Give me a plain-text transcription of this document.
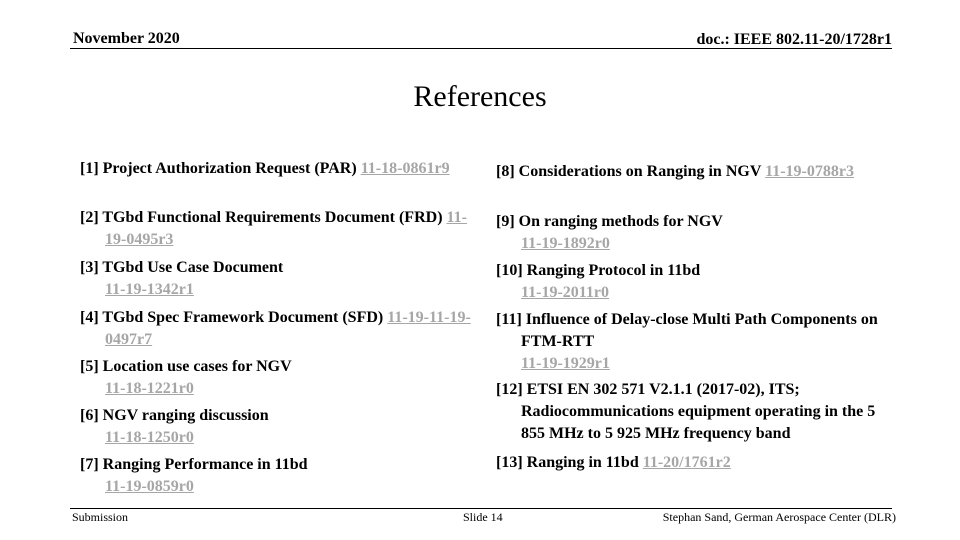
November 2020	doc.: IEEE 802.11-20/1728r1
References
[1] Project Authorization Request (PAR) 11-18-0861r9
[2] TGbd Functional Requirements Document (FRD) 11-19-0495r3
[3] TGbd Use Case Document
11-19-1342r1
[4] TGbd Spec Framework Document (SFD) 11-19-11-19-0497r7
[5] Location use cases for NGV
11-18-1221r0
[6] NGV ranging discussion
11-18-1250r0
[7] Ranging Performance in 11bd
11-19-0859r0
[8] Considerations on Ranging in NGV 11-19-0788r3
[9] On ranging methods for NGV
11-19-1892r0
[10] Ranging Protocol in 11bd
11-19-2011r0
[11] Influence of Delay-close Multi Path Components on FTM-RTT
11-19-1929r1
[12] ETSI EN 302 571 V2.1.1 (2017-02), ITS; Radiocommunications equipment operating in the 5 855 MHz to 5 925 MHz frequency band
[13] Ranging in 11bd 11-20/1761r2
Submission	Slide 14	Stephan Sand, German Aerospace Center (DLR)
